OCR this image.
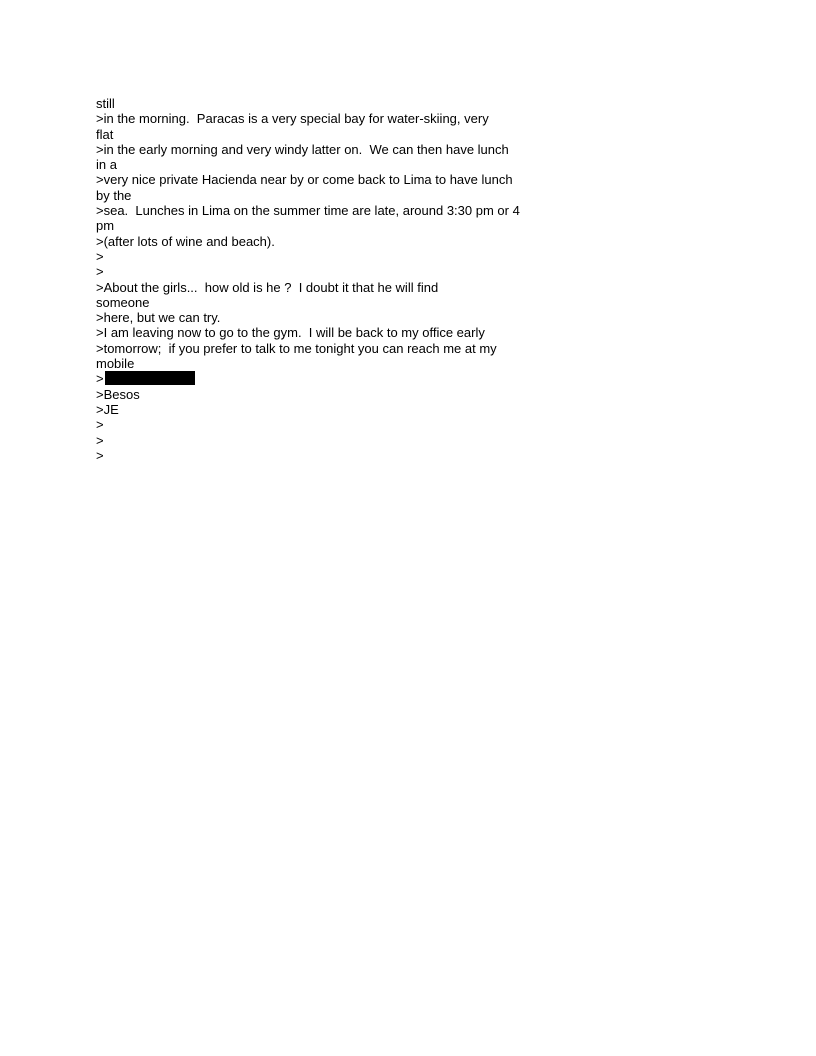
still
>in the morning.  Paracas is a very special bay for water-skiing, very
flat
>in the early morning and very windy latter on.  We can then have lunch
in a
>very nice private Hacienda near by or come back to Lima to have lunch
by the
>sea.  Lunches in Lima on the summer time are late, around 3:30 pm or 4
pm
>(after lots of wine and beach).
>
>
>About the girls...  how old is he ?  I doubt it that he will find
someone
>here, but we can try.
>I am leaving now to go to the gym.  I will be back to my office early
>tomorrow;  if you prefer to talk to me tonight you can reach me at my
mobile
>
>Besos
>JE
>
>
>
